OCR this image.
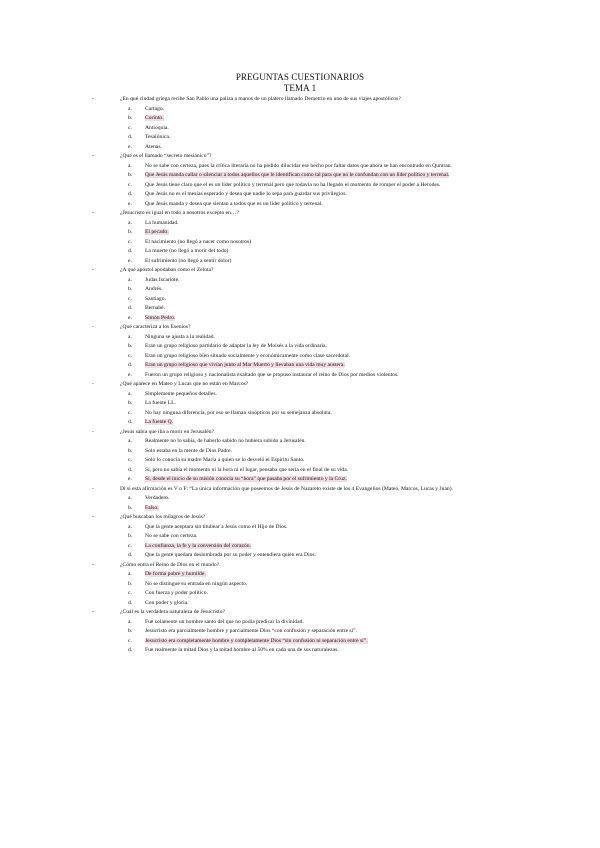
PREGUNTAS CUESTIONARIOS
TEMA 1
-	¿En qué ciudad griega recibe San Pablo una paliza a manos de un platero llamado Demetrio en uno de sus viajes apostólicos?
a. Cartago.
b. Corinto.
c. Antioquía.
d. Tesalónica.
e. Atenas.
-	¿Qué es el llamado “secreto mesiánico”?
a. No se sabe con certeza, pues la crítica literaria no ha podido dilucidar ese hecho por faltar datos que ahora se han encontrado en Qumran.
b. Que Jesús manda callar o silenciar a todos aquellos que le identifican como tal para que no le confundan con un líder político y terrenal.
c. Que Jesús tiene claro que el es un líder político y terrenal pero que todavía no ha llegado el momento de romper el poder a Herodes.
d. Que Jesús no es el mesías esperado y desea que nadie lo sepa para guardar sus privilegios.
e. Que Jesús manda y desea que sientan a todos que es un líder político y terrenal.
-	¿Jesucristo es igual en todo a nosotros excepto en…?
a. La humanidad.
b. El pecado.
c. El nacimiento (no llegó a nacer como nosotros)
d. La muerte (no llegó a morir del todo)
e. El sufrimiento (no llegó a sentir dolor)
-	¿A qué apóstol apodaban como el Zelota?
a. Judas Iscariote.
b. Andrés.
c. Santiago.
d. Bernabé.
e. Simón Pedro.
-	¿Qué caracteriza a los Esenios?
a. Ninguna se ajusta a la realidad.
b. Eran un grupo religioso partidario de adaptar la ley de Moisés a la vida ordinaria.
c. Eran un grupo religioso bien situado socialmente y económicamente como clase sacerdotal.
d. Eran un grupo religioso que vivían junto al Mar Muerto y llevaban una vida muy austera.
e. Fueron un grupo religioso y nacionalista exaltado que se propuso instaurar el reino de Dios por medios violentos.
-	¿Qué aparece en Mateo y Lucas que no están en Marcos?
a. Simplemente pequeños detalles.
b. La fuente LL.
c. No hay ninguna diferencia, por eso se llaman sinópticos por su semejanza absoluta.
d. La fuente Q.
-	¿Jesús sabía que iba a morir en Jerusalén?
a. Realmente no lo sabía, de haberlo sabido no hubiera subido a Jerusalén.
b. Solo estaba en la mente de Dios Padre.
c. Solo lo conocía su madre María a quien se lo desveló el Espíritu Santo.
d. Sí, pero no sabía el momento ni la hora ni el lugar, pensaba que sería en el final de su vida.
e. Sí, desde el inicio de su misión conocía su “hora” que pasaba por el sufrimiento y la Cruz.
-	Di si esta afirmación es V o F: “La única información que poseemos de Jesús de Nazareto existe de los 4 Evangelios (Mateo, Marcos, Lucas y Juan).
a. Verdadero.
b. Falso.
-	¿Qué buscaban los milagros de Jesús?
a. Que la gente aceptara sin titubear a Jesús como el Hijo de Dios.
b. No se sabe con certeza.
c. La confianza, la fe y la conversión del corazón.
d. Que la gente quedara deslumbrada por su poder y entendiera quién era Dios.
-	¿Cómo entra el Reino de Dios en el mundo?
a. De forma pobre y humilde.
b. No se distingue su entrada en ningún aspecto.
c. Con fuerza y poder político.
d. Con poder y gloria.
-	¿Cuál es la verdadera naturaleza de Jesucristo?
a. Fue solamente un hombre santo del que no podía predicar la divinidad.
b. Jesucristo era parcialmente hombre y parcialmente Dios “con confusión y separación entre sí”.
c. Jesucristo era completamente hombre y completamente Dios “sin confusión ni separación entre sí”.
d. Fue realmente la mitad Dios y la mitad hombre al 50% en cada una de sus naturalezas.
